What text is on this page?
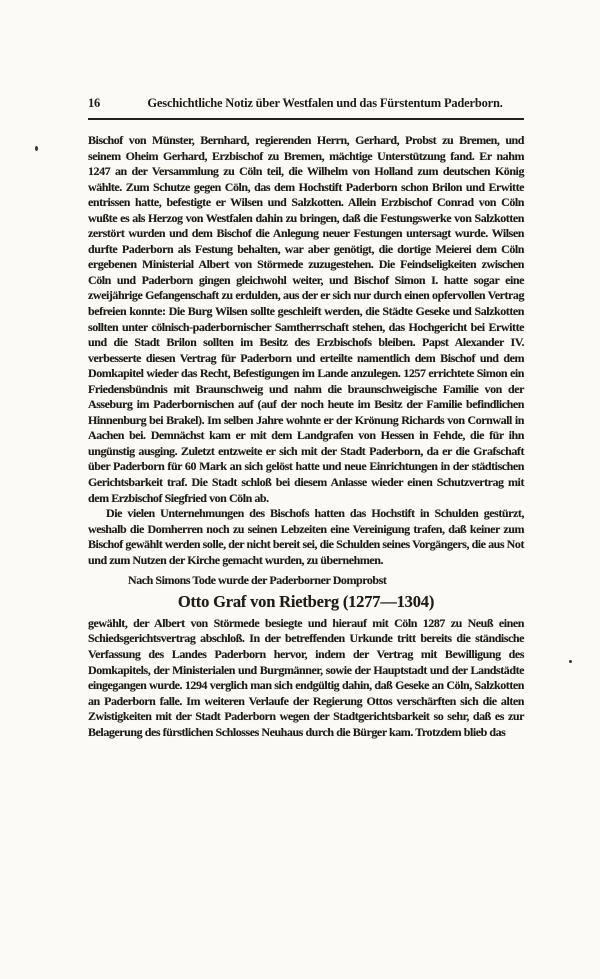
16	Geschichtliche Notiz über Westfalen und das Fürstentum Paderborn.

Bischof von Münster, Bernhard, regierenden Herrn, Gerhard, Probst zu Bremen, und seinem Oheim Gerhard, Erzbischof zu Bremen, mächtige Unterstützung fand. Er nahm 1247 an der Versammlung zu Cöln teil, die Wilhelm von Holland zum deutschen König wählte. Zum Schutze gegen Cöln, das dem Hochstift Paderborn schon Brilon und Erwitte entrissen hatte, befestigte er Wilsen und Salzkotten. Allein Erzbischof Conrad von Cöln wußte es als Herzog von Westfalen dahin zu bringen, daß die Festungswerke von Salzkotten zerstört wurden und dem Bischof die Anlegung neuer Festungen untersagt wurde. Wilsen durfte Paderborn als Festung behalten, war aber genötigt, die dortige Meierei dem Cöln ergebenen Ministerial Albert von Störmede zuzugestehen. Die Feindseligkeiten zwischen Cöln und Paderborn gingen gleichwohl weiter, und Bischof Simon I. hatte sogar eine zweijährige Gefangenschaft zu erdulden, aus der er sich nur durch einen opfervollen Vertrag befreien konnte: Die Burg Wilsen sollte geschleift werden, die Städte Geseke und Salzkotten sollten unter cölnisch-paderbornischer Samtherrschaft stehen, das Hochgericht bei Erwitte und die Stadt Brilon sollten im Besitz des Erzbischofs bleiben. Papst Alexander IV. verbesserte diesen Vertrag für Paderborn und erteilte namentlich dem Bischof und dem Domkapitel wieder das Recht, Befestigungen im Lande anzulegen. 1257 errichtete Simon ein Friedensbündnis mit Braunschweig und nahm die braunschweigische Familie von der Asseburg im Paderbornischen auf (auf der noch heute im Besitz der Familie befindlichen Hinnenburg bei Brakel). Im selben Jahre wohnte er der Krönung Richards von Cornwall in Aachen bei. Demnächst kam er mit dem Landgrafen von Hessen in Fehde, die für ihn ungünstig ausging. Zuletzt entzweite er sich mit der Stadt Paderborn, da er die Grafschaft über Paderborn für 60 Mark an sich gelöst hatte und neue Einrichtungen in der städtischen Gerichtsbarkeit traf. Die Stadt schloß bei diesem Anlasse wieder einen Schutzvertrag mit dem Erzbischof Siegfried von Cöln ab.

Die vielen Unternehmungen des Bischofs hatten das Hochstift in Schulden gestürzt, weshalb die Domherren noch zu seinen Lebzeiten eine Vereinigung trafen, daß keiner zum Bischof gewählt werden solle, der nicht bereit sei, die Schulden seines Vorgängers, die aus Not und zum Nutzen der Kirche gemacht wurden, zu übernehmen.

Nach Simons Tode wurde der Paderborner Domprobst

Otto Graf von Rietberg (1277—1304)

gewählt, der Albert von Störmede besiegte und hierauf mit Cöln 1287 zu Neuß einen Schiedsgerichtsvertrag abschloß. In der betreffenden Urkunde tritt bereits die ständische Verfassung des Landes Paderborn hervor, indem der Vertrag mit Bewilligung des Domkapitels, der Ministerialen und Burgmänner, sowie der Hauptstadt und der Landstädte eingegangen wurde. 1294 verglich man sich endgültig dahin, daß Geseke an Cöln, Salzkotten an Paderborn falle. Im weiteren Verlaufe der Regierung Ottos verschärften sich die alten Zwistigkeiten mit der Stadt Paderborn wegen der Stadtgerichtsbarkeit so sehr, daß es zur Belagerung des fürstlichen Schlosses Neuhaus durch die Bürger kam. Trotzdem blieb das
